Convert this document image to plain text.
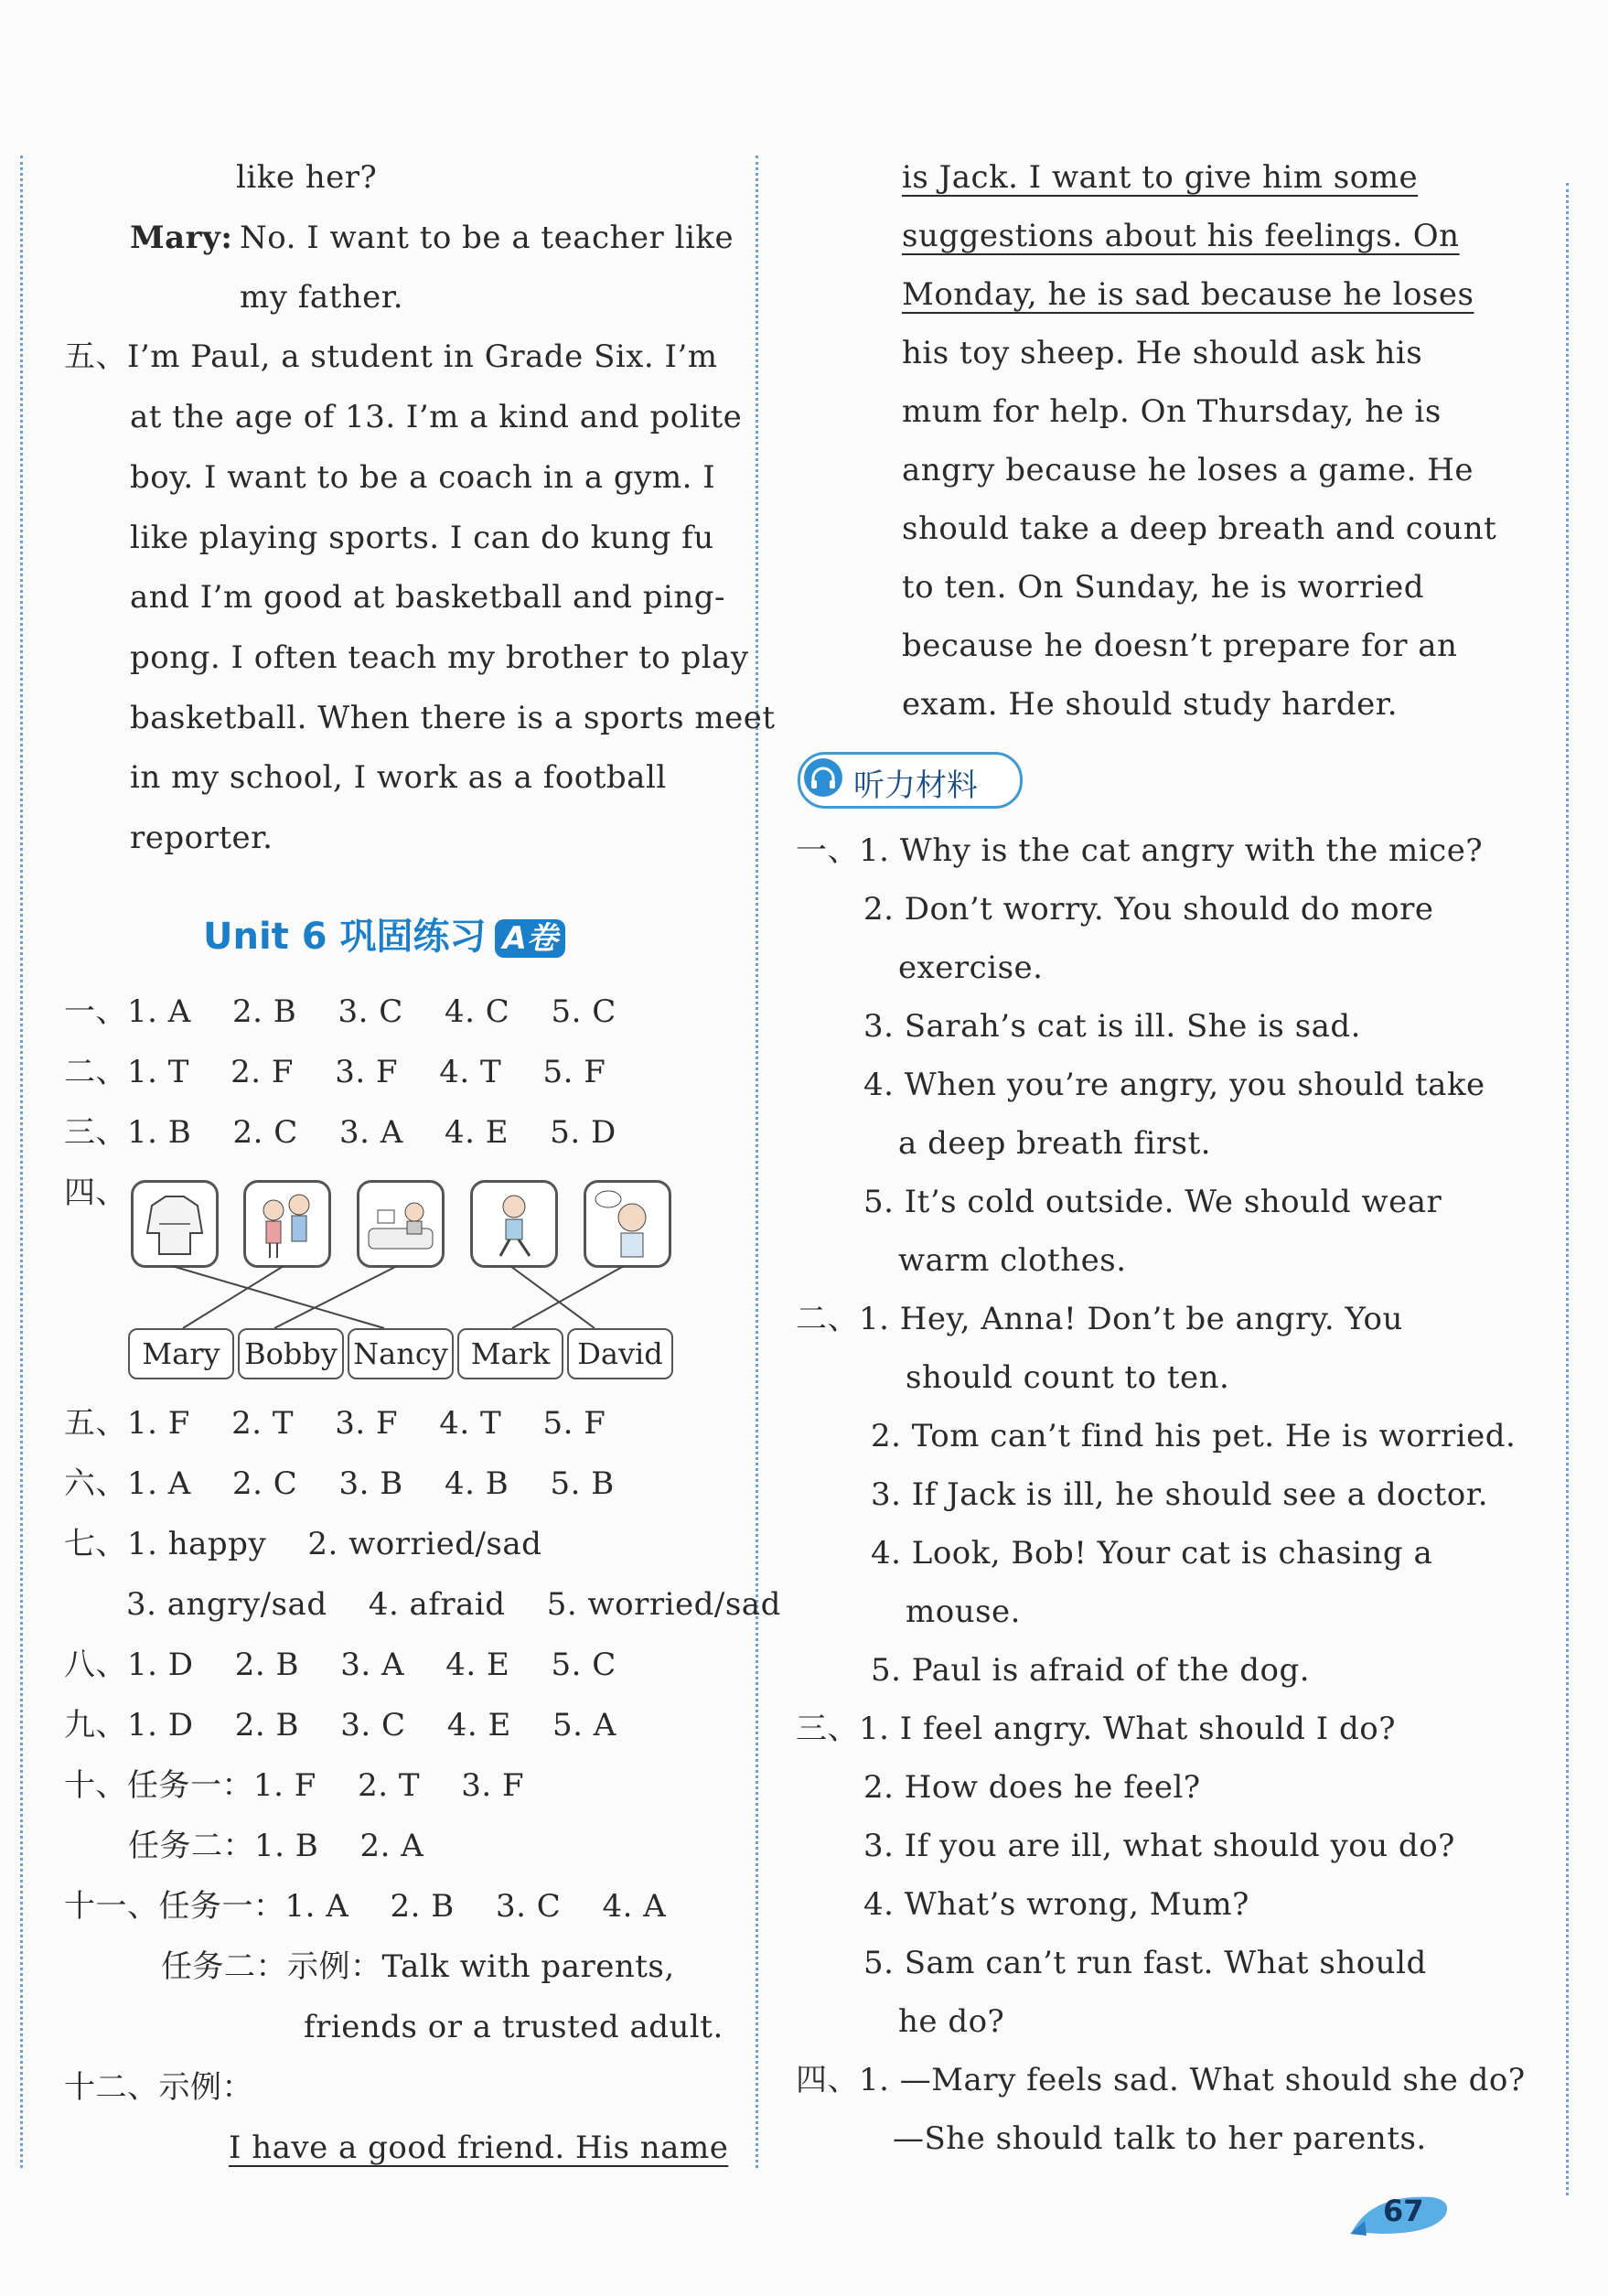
like her?
Mary: No. I want to be a teacher like
my father.
五、I’m Paul, a student in Grade Six. I’m
at the age of 13. I’m a kind and polite
boy. I want to be a coach in a gym. I
like playing sports. I can do kung fu
and I’m good at basketball and ping-
pong. I often teach my brother to play
basketball. When there is a sports meet
in my school, I work as a football
reporter.
Unit 6 巩固练习 A卷
一、1. A    2. B    3. C    4. C    5. C
二、1. T    2. F    3. F    4. T    5. F
三、1. B    2. C    3. A    4. E    5. D
四、
Mary Bobby Nancy Mark David
五、1. F    2. T    3. F    4. T    5. F
六、1. A    2. C    3. B    4. B    5. B
七、1. happy    2. worried/sad
3. angry/sad    4. afraid    5. worried/sad
八、1. D    2. B    3. A    4. E    5. C
九、1. D    2. B    3. C    4. E    5. A
十、任务一：1. F    2. T    3. F
任务二：1. B    2. A
十一、任务一：1. A    2. B    3. C    4. A
任务二：示例：Talk with parents,
friends or a trusted adult.
十二、示例：
I have a good friend. His name
is Jack. I want to give him some
suggestions about his feelings. On
Monday, he is sad because he loses
his toy sheep. He should ask his
mum for help. On Thursday, he is
angry because he loses a game. He
should take a deep breath and count
to ten. On Sunday, he is worried
because he doesn’t prepare for an
exam. He should study harder.
听力材料
一、1. Why is the cat angry with the mice?
2. Don’t worry. You should do more
exercise.
3. Sarah’s cat is ill. She is sad.
4. When you’re angry, you should take
a deep breath first.
5. It’s cold outside. We should wear
warm clothes.
二、1. Hey, Anna! Don’t be angry. You
should count to ten.
2. Tom can’t find his pet. He is worried.
3. If Jack is ill, he should see a doctor.
4. Look, Bob! Your cat is chasing a
mouse.
5. Paul is afraid of the dog.
三、1. I feel angry. What should I do?
2. How does he feel?
3. If you are ill, what should you do?
4. What’s wrong, Mum?
5. Sam can’t run fast. What should
he do?
四、1. —Mary feels sad. What should she do?
—She should talk to her parents.
67
